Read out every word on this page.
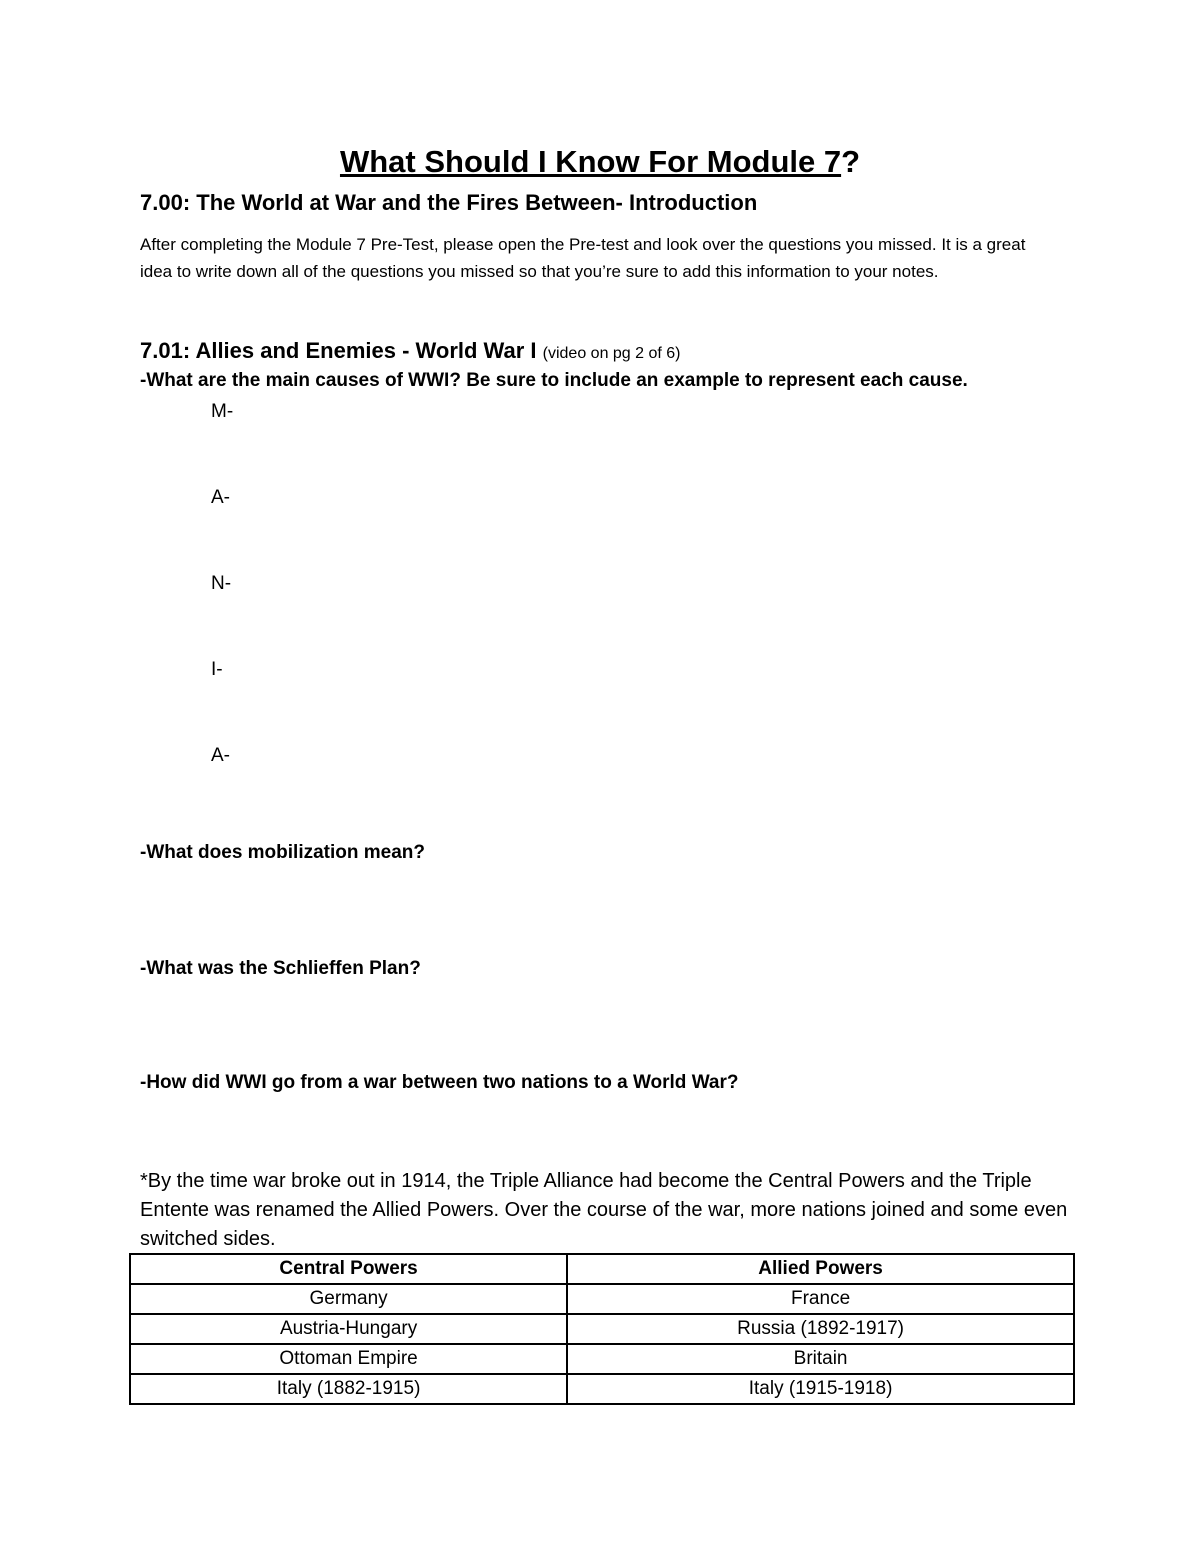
What Should I Know For Module 7?
7.00: The World at War and the Fires Between- Introduction
After completing the Module 7 Pre-Test, please open the Pre-test and look over the questions you missed. It is a great idea to write down all of the questions you missed so that you’re sure to add this information to your notes.
7.01: Allies and Enemies - World War I (video on pg 2 of 6)
-What are the main causes of WWI? Be sure to include an example to represent each cause.
M-
A-
N-
I-
A-
-What does mobilization mean?
-What was the Schlieffen Plan?
-How did WWI go from a war between two nations to a World War?
*By the time war broke out in 1914, the Triple Alliance had become the Central Powers and the Triple Entente was renamed the Allied Powers. Over the course of the war, more nations joined and some even switched sides.
Central Powers	Allied Powers
Germany	France
Austria-Hungary	Russia (1892-1917)
Ottoman Empire	Britain
Italy (1882-1915)	Italy (1915-1918)
